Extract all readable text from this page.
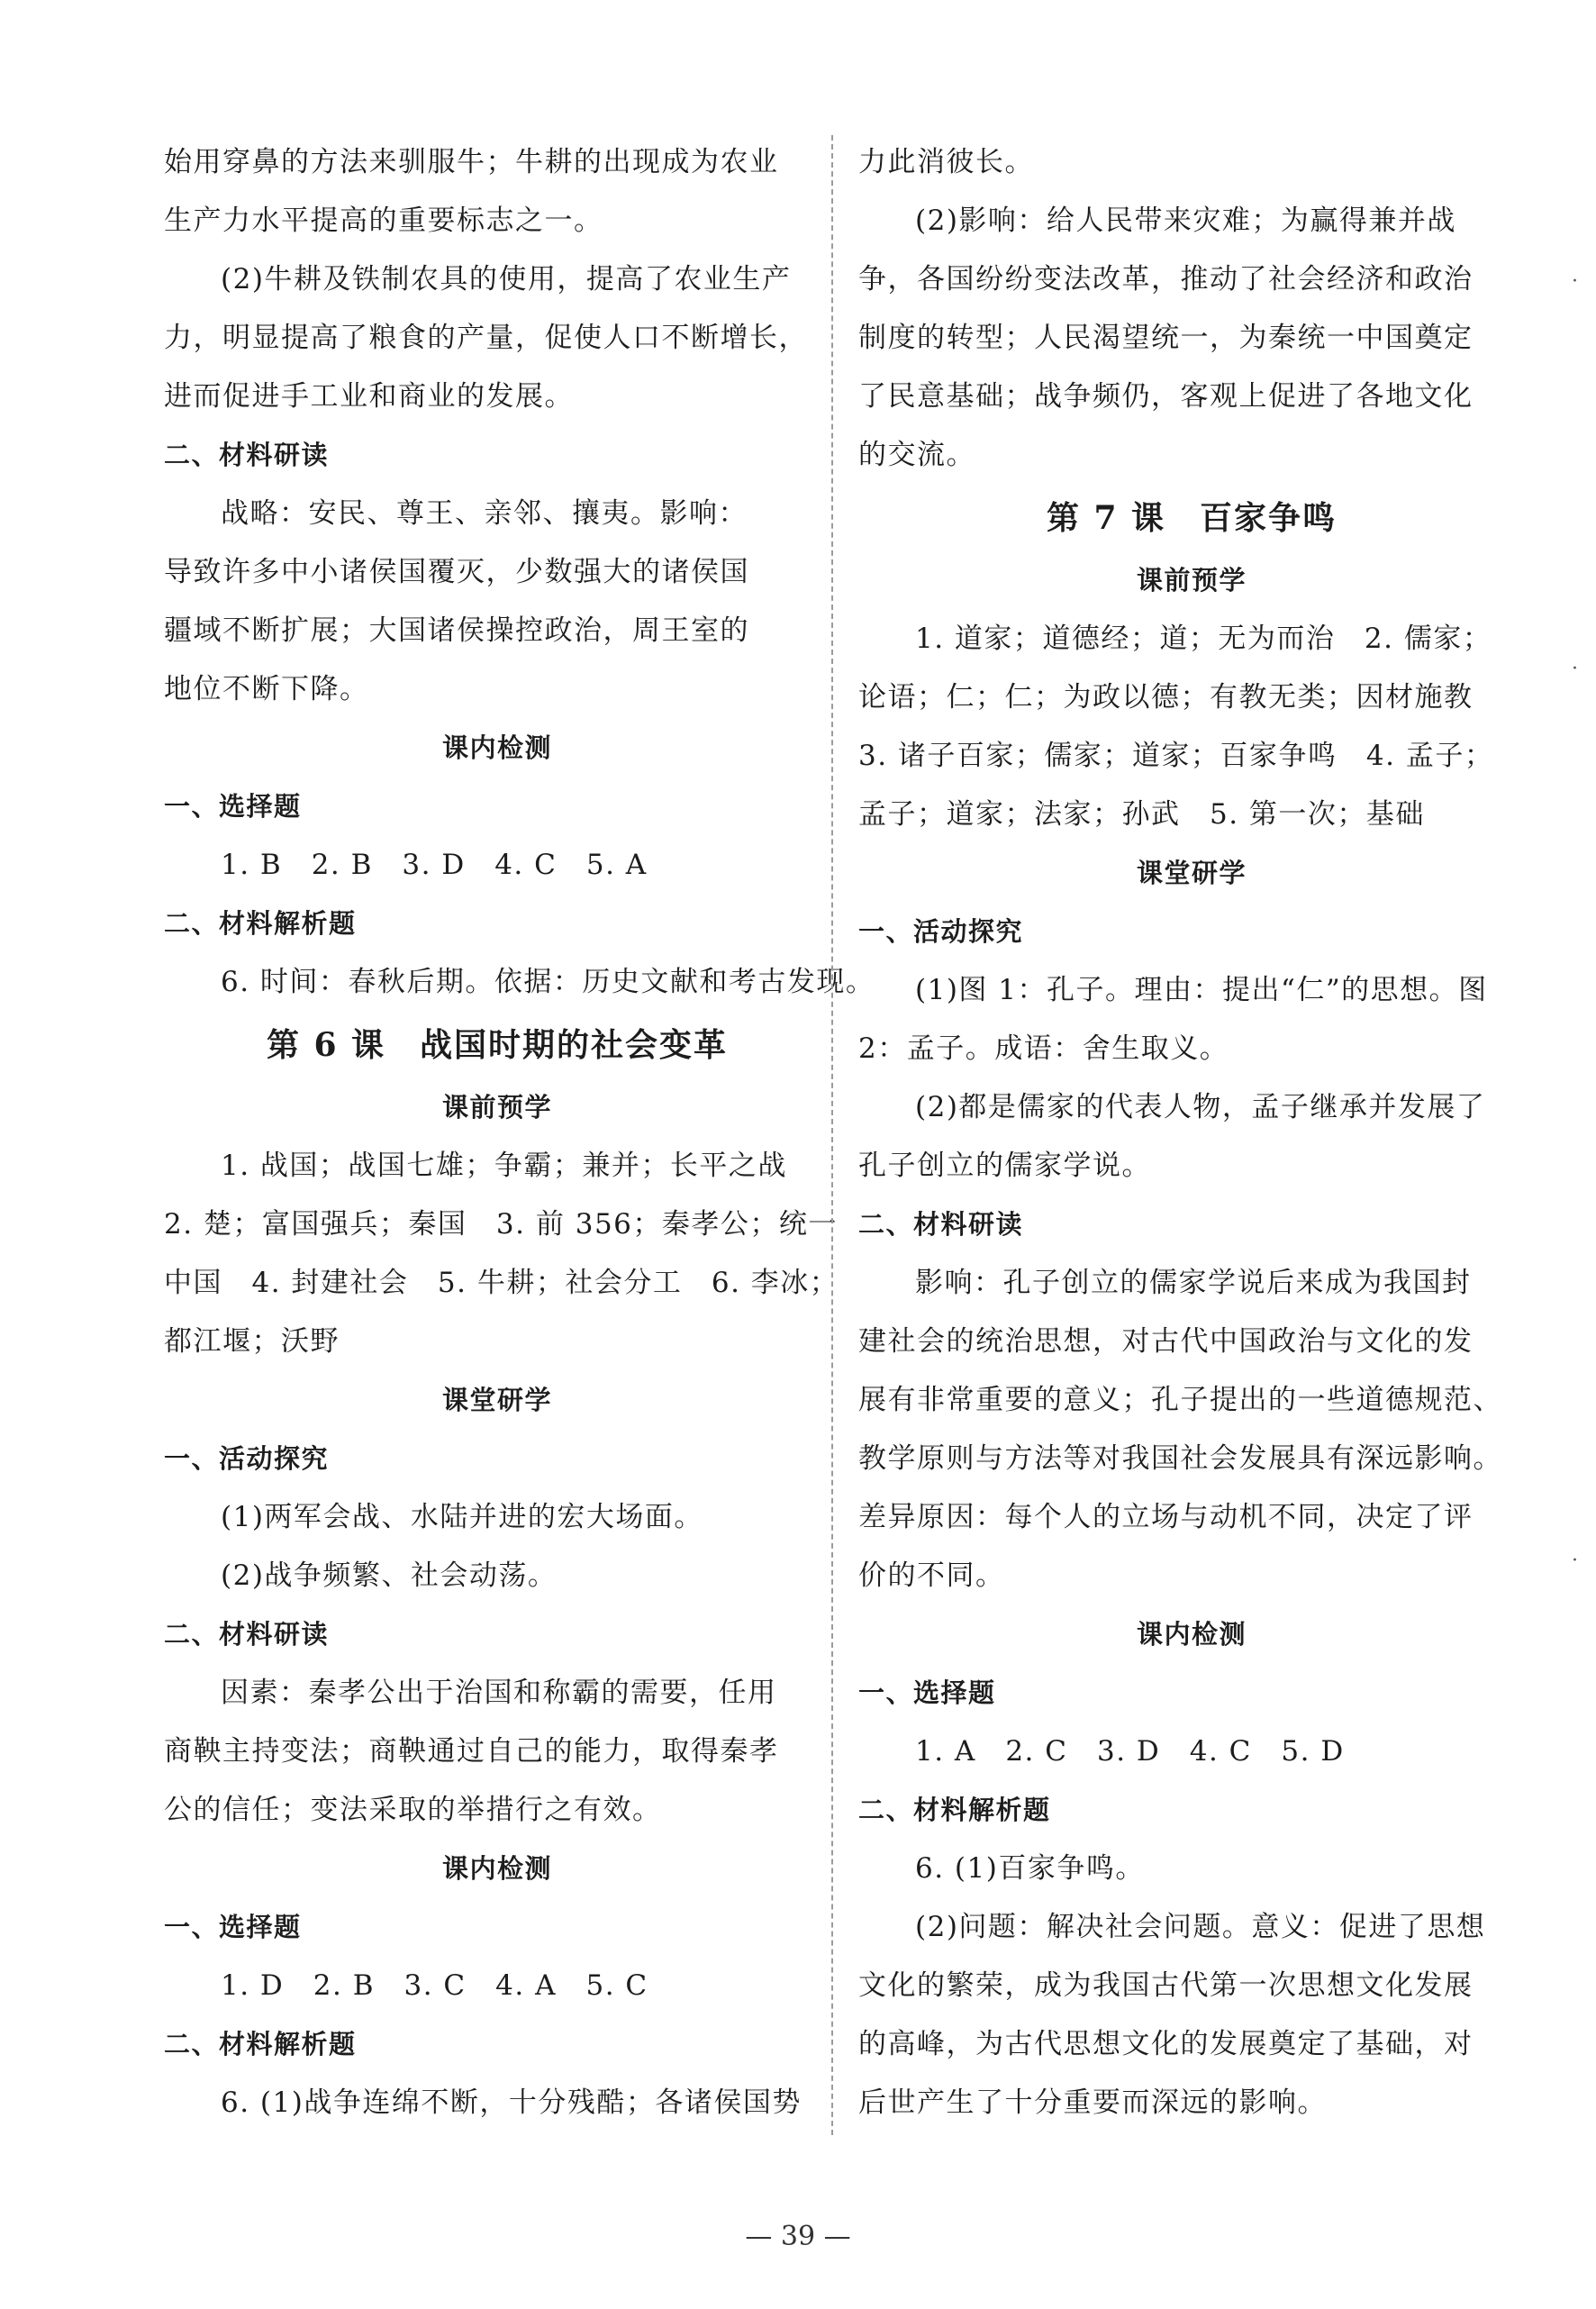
始用穿鼻的方法来驯服牛；牛耕的出现成为农业
生产力水平提高的重要标志之一。
(2)牛耕及铁制农具的使用，提高了农业生产
力，明显提高了粮食的产量，促使人口不断增长，
进而促进手工业和商业的发展。
二、材料研读
战略：安民、尊王、亲邻、攘夷。影响：
导致许多中小诸侯国覆灭，少数强大的诸侯国
疆域不断扩展；大国诸侯操控政治，周王室的
地位不断下降。
课内检测
一、选择题
1. B　2. B　3. D　4. C　5. A
二、材料解析题
6. 时间：春秋后期。依据：历史文献和考古发现。
第 6 课　战国时期的社会变革
课前预学
1. 战国；战国七雄；争霸；兼并；长平之战
2. 楚；富国强兵；秦国　3. 前 356；秦孝公；统一
中国　4. 封建社会　5. 牛耕；社会分工　6. 李冰；
都江堰；沃野
课堂研学
一、活动探究
(1)两军会战、水陆并进的宏大场面。
(2)战争频繁、社会动荡。
二、材料研读
因素：秦孝公出于治国和称霸的需要，任用
商鞅主持变法；商鞅通过自己的能力，取得秦孝
公的信任；变法采取的举措行之有效。
课内检测
一、选择题
1. D　2. B　3. C　4. A　5. C
二、材料解析题
6. (1)战争连绵不断，十分残酷；各诸侯国势
力此消彼长。
(2)影响：给人民带来灾难；为赢得兼并战
争，各国纷纷变法改革，推动了社会经济和政治
制度的转型；人民渴望统一，为秦统一中国奠定
了民意基础；战争频仍，客观上促进了各地文化
的交流。
第 7 课　百家争鸣
课前预学
1. 道家；道德经；道；无为而治　2. 儒家；
论语；仁；仁；为政以德；有教无类；因材施教
3. 诸子百家；儒家；道家；百家争鸣　4. 孟子；
孟子；道家；法家；孙武　5. 第一次；基础
课堂研学
一、活动探究
(1)图 1：孔子。理由：提出“仁”的思想。图
2：孟子。成语：舍生取义。
(2)都是儒家的代表人物，孟子继承并发展了
孔子创立的儒家学说。
二、材料研读
影响：孔子创立的儒家学说后来成为我国封
建社会的统治思想，对古代中国政治与文化的发
展有非常重要的意义；孔子提出的一些道德规范、
教学原则与方法等对我国社会发展具有深远影响。
差异原因：每个人的立场与动机不同，决定了评
价的不同。
课内检测
一、选择题
1. A　2. C　3. D　4. C　5. D
二、材料解析题
6. (1)百家争鸣。
(2)问题：解决社会问题。意义：促进了思想
文化的繁荣，成为我国古代第一次思想文化发展
的高峰，为古代思想文化的发展奠定了基础，对
后世产生了十分重要而深远的影响。
— 39 —
·
·
·
